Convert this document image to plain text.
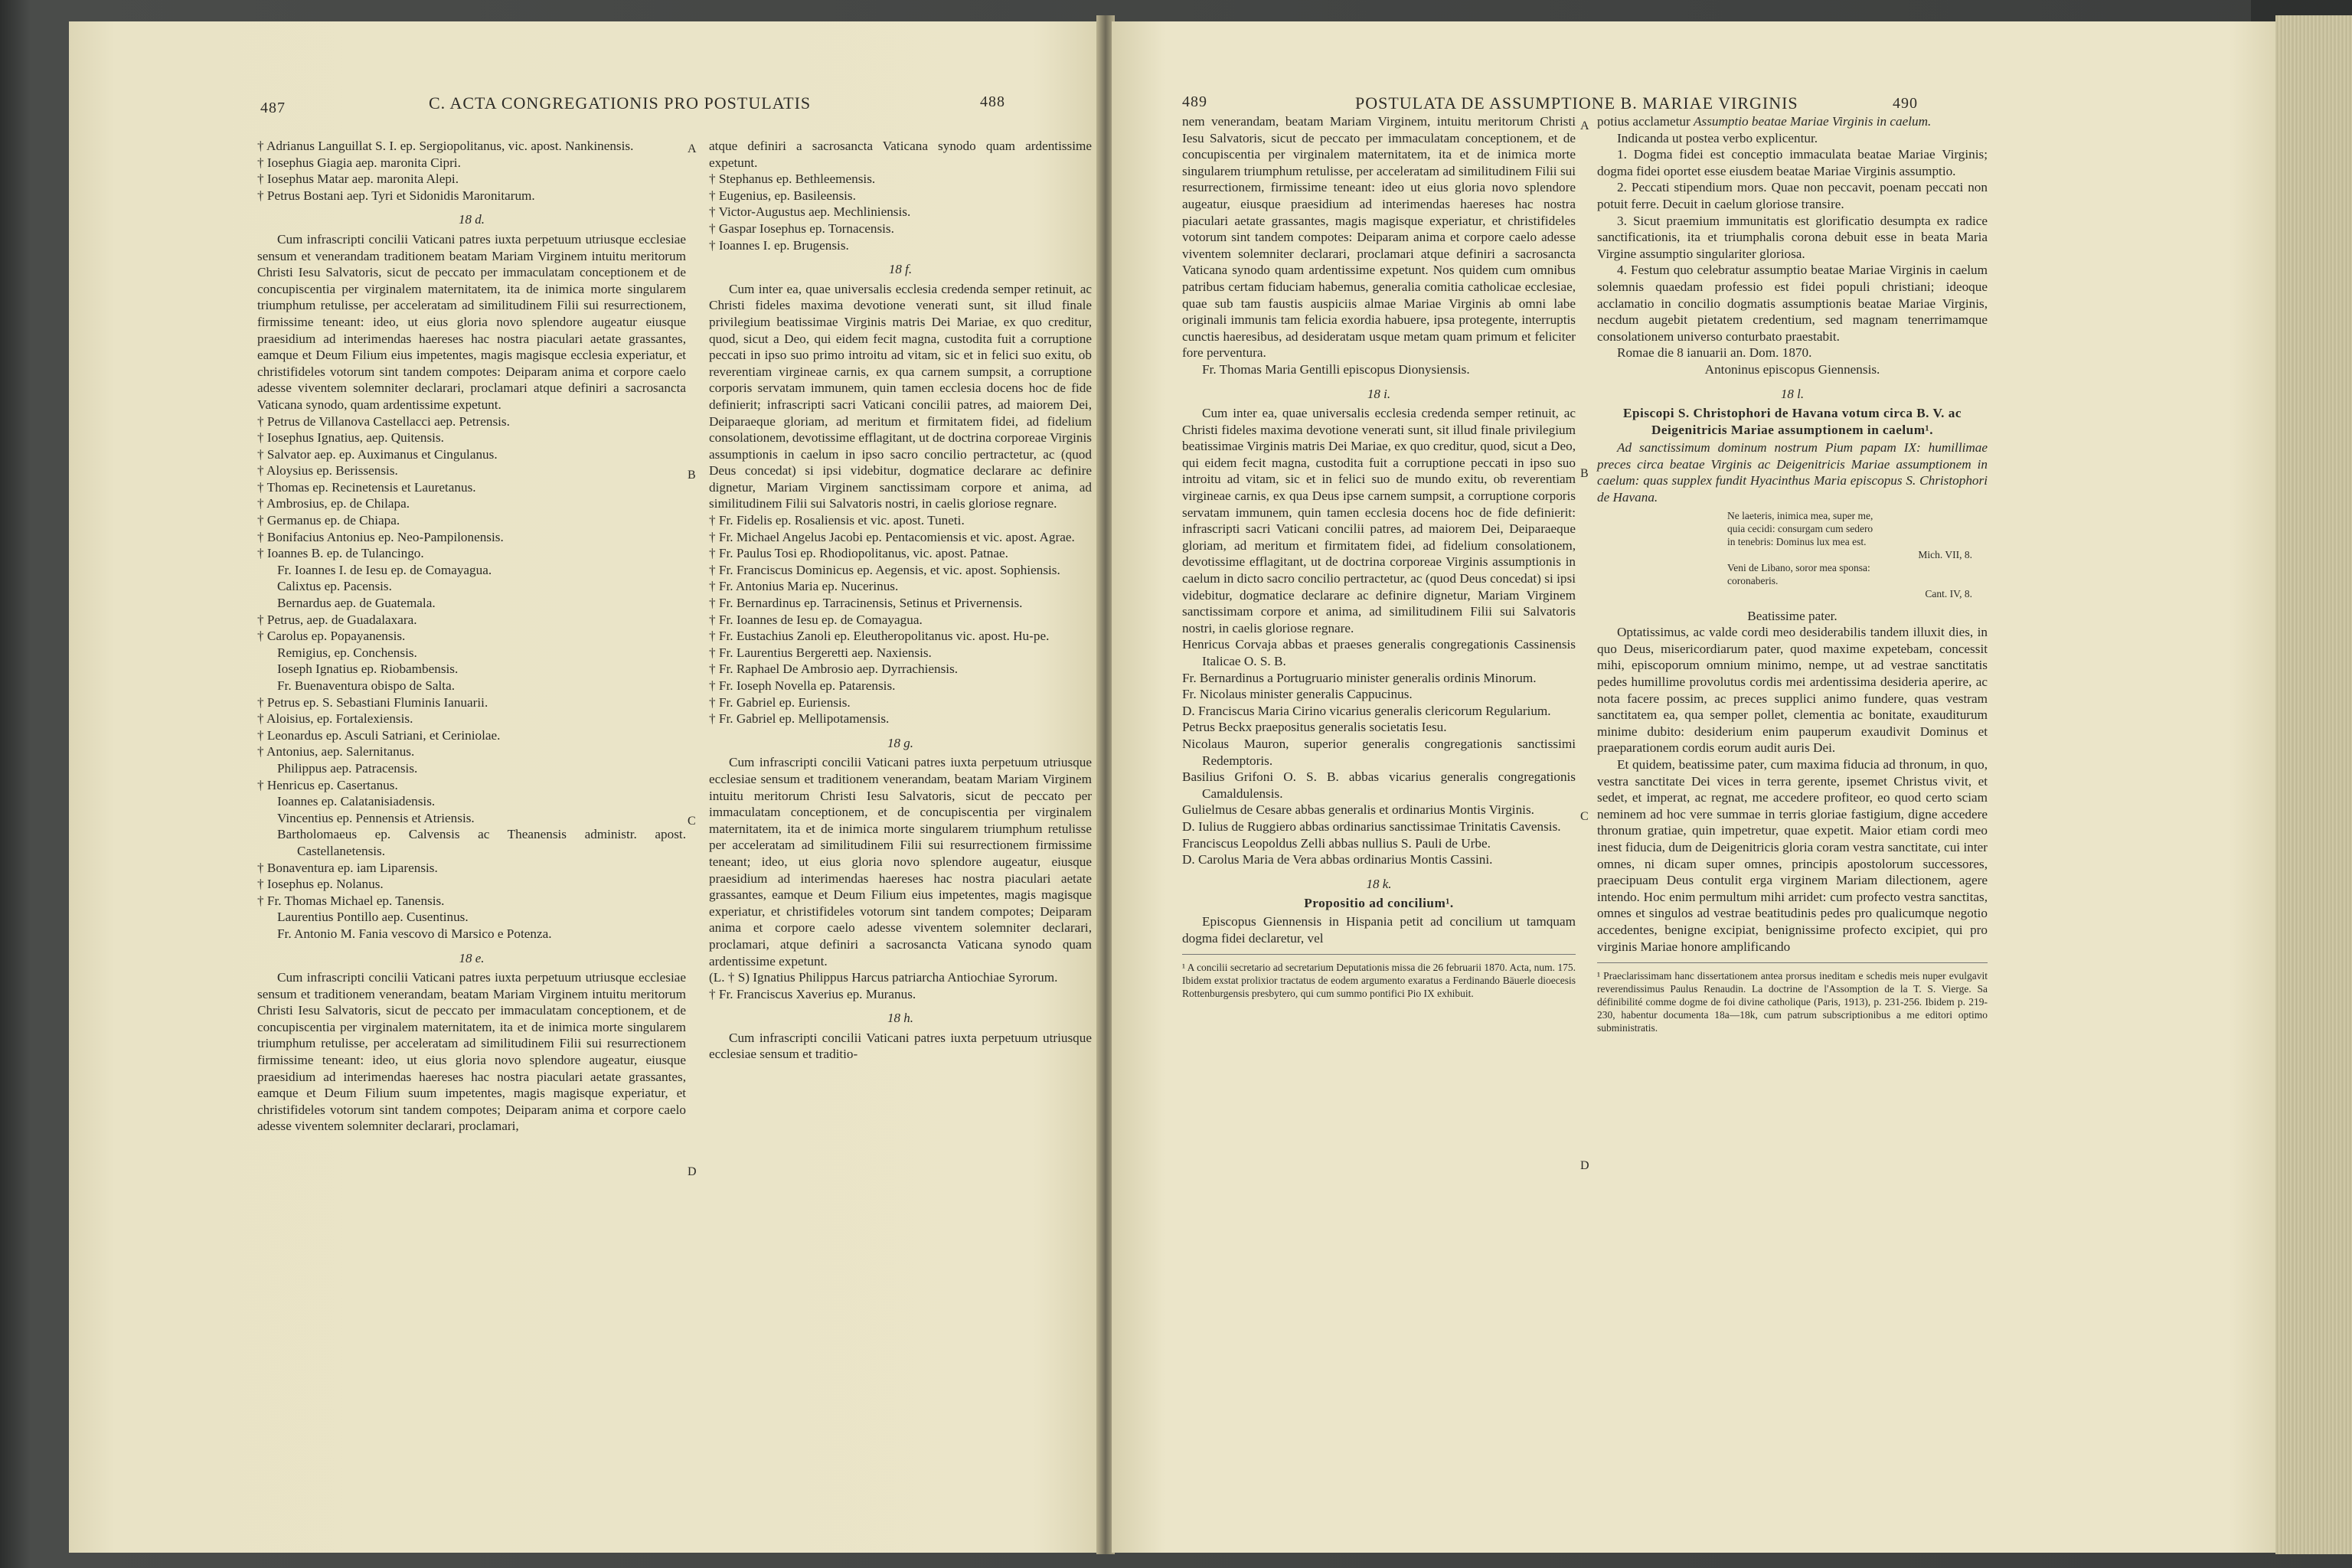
487	C. ACTA CONGREGATIONIS PRO POSTULATIS	488
† Adrianus Languillat S. I. ep. Sergiopolitanus, vic. apost. Nankinensis.
† Iosephus Giagia aep. maronita Cipri.
† Iosephus Matar aep. maronita Alepi.
† Petrus Bostani aep. Tyri et Sidonidis Maronitarum.
18 d.

Cum infrascripti concilii Vaticani patres iuxta perpetuum utriusque ecclesiae sensum et venerandam traditionem beatam Mariam Virginem intuitu meritorum Christi Iesu Salvatoris, sicut de peccato per immaculatam conceptionem et de concupiscentia per virginalem maternitatem, ita de inimica morte singularem triumphum retulisse, per acceleratam ad similitudinem Filii sui resurrectionem, firmissime teneant: ideo, ut eius gloria novo splendore augeatur eiusque praesidium ad interimendas haereses hac nostra piaculari aetate grassantes, eamque et Deum Filium eius impetentes, magis magisque ecclesia experiatur, et christifideles votorum sint tandem compotes: Deiparam anima et corpore caelo adesse viventem solemniter declarari, proclamari atque definiri a sacrosancta Vaticana synodo, quam ardentissime expetunt.

† Petrus de Villanova Castellacci aep. Petrensis.
† Iosephus Ignatius, aep. Quitensis.
† Salvator aep. ep. Auximanus et Cingulanus.
† Aloysius ep. Berissensis.
† Thomas ep. Recinetensis et Lauretanus.
† Ambrosius, ep. de Chilapa.
† Germanus ep. de Chiapa.
† Bonifacius Antonius ep. Neo-Pampilonensis.
† Ioannes B. ep. de Tulancingo.
Fr. Ioannes I. de Iesu ep. de Comayagua.
Calixtus ep. Pacensis.
Bernardus aep. de Guatemala.
† Petrus, aep. de Guadalaxara.
† Carolus ep. Popayanensis.
Remigius, ep. Conchensis.
Ioseph Ignatius ep. Riobambensis.
Fr. Buenaventura obispo de Salta.
† Petrus ep. S. Sebastiani Fluminis Ianuarii.
† Aloisius, ep. Fortalexiensis.
† Leonardus ep. Asculi Satriani, et Ceriniolae.
† Antonius, aep. Salernitanus.
Philippus aep. Patracensis.
† Henricus ep. Casertanus.
Ioannes ep. Calatanisiadensis.
Vincentius ep. Pennensis et Atriensis.
Bartholomaeus ep. Calvensis ac Theanensis administr. apost. Castellanetensis.
† Bonaventura ep. iam Liparensis.
† Iosephus ep. Nolanus.
† Fr. Thomas Michael ep. Tanensis.
Laurentius Pontillo aep. Cusentinus.
Fr. Antonio M. Fania vescovo di Marsico e Potenza.
18 e.

Cum infrascripti concilii Vaticani patres iuxta perpetuum utriusque ecclesiae sensum et traditionem venerandam, beatam Mariam Virginem intuitu meritorum Christi Iesu Salvatoris, sicut de peccato per immaculatam conceptionem, et de concupiscentia per virginalem maternitatem, ita et de inimica morte singularem triumphum retulisse, per acceleratam ad similitudinem Filii sui resurrectionem firmissime teneant: ideo, ut eius gloria novo splendore augeatur, eiusque praesidium ad interimendas haereses hac nostra piaculari aetate grassantes, eamque et Deum Filium suum impetentes, magis magisque experiatur, et christifideles votorum sint tandem compotes; Deiparam anima et corpore caelo adesse viventem solemniter declarari, proclamari,

atque definiri a sacrosancta Vaticana synodo quam ardentissime expetunt.

† Stephanus ep. Bethleemensis.
† Eugenius, ep. Basileensis.
† Victor-Augustus aep. Mechliniensis.
† Gaspar Iosephus ep. Tornacensis.
† Ioannes I. ep. Brugensis.
18 f.

Cum inter ea, quae universalis ecclesia credenda semper retinuit, ac Christi fideles maxima devotione venerati sunt, sit illud finale privilegium beatissimae Virginis matris Dei Mariae, ex quo creditur, quod, sicut a Deo, qui eidem fecit magna, custodita fuit a corruptione peccati in ipso suo primo introitu ad vitam, sic et in felici suo exitu, ob reverentiam virgineae carnis, ex qua carnem sumpsit, a corruptione corporis servatam immunem, quin tamen ecclesia docens hoc de fide definierit; infrascripti sacri Vaticani concilii patres, ad maiorem Dei, Deiparaeque gloriam, ad meritum et firmitatem fidei, ad fidelium consolationem, devotissime efflagitant, ut de doctrina corporeae Virginis assumptionis in caelum in ipso sacro concilio pertractetur, ac (quod Deus concedat) si ipsi videbitur, dogmatice declarare ac definire dignetur, Mariam Virginem sanctissimam corpore et anima, ad similitudinem Filii sui Salvatoris nostri, in caelis gloriose regnare.

† Fr. Fidelis ep. Rosaliensis et vic. apost. Tuneti.
† Fr. Michael Angelus Jacobi ep. Pentacomiensis et vic. apost. Agrae.
† Fr. Paulus Tosi ep. Rhodiopolitanus, vic. apost. Patnae.
† Fr. Franciscus Dominicus ep. Aegensis, et vic. apost. Sophiensis.
† Fr. Antonius Maria ep. Nucerinus.
† Fr. Bernardinus ep. Tarracinensis, Setinus et Privernensis.
† Fr. Ioannes de Iesu ep. de Comayagua.
† Fr. Eustachius Zanoli ep. Eleutheropolitanus vic. apost. Hu-pe.
† Fr. Laurentius Bergeretti aep. Naxiensis.
† Fr. Raphael De Ambrosio aep. Dyrrachiensis.
† Fr. Ioseph Novella ep. Patarensis.
† Fr. Gabriel ep. Euriensis.
† Fr. Gabriel ep. Mellipotamensis.
18 g.

Cum infrascripti concilii Vaticani patres iuxta perpetuum utriusque ecclesiae sensum et traditionem venerandam, beatam Mariam Virginem intuitu meritorum Christi Iesu Salvatoris, sicut de peccato per immaculatam conceptionem, et de concupiscentia per virginalem maternitatem, ita et de inimica morte singularem triumphum retulisse per acceleratam ad similitudinem Filii sui resurrectionem firmissime teneant; ideo, ut eius gloria novo splendore augeatur, eiusque praesidium ad interimendas haereses hac nostra piaculari aetate grassantes, eamque et Deum Filium eius impetentes, magis magisque experiatur, et christifideles votorum sint tandem compotes; Deiparam anima et corpore caelo adesse viventem solemniter declarari, proclamari, atque definiri a sacrosancta Vaticana synodo quam ardentissime expetunt.

(L. † S) Ignatius Philippus Harcus patriarcha Antiochiae Syrorum.
† Fr. Franciscus Xaverius ep. Muranus.
18 h.

Cum infrascripti concilii Vaticani patres iuxta perpetuum utriusque ecclesiae sensum et traditio-

A
B
C
D
489	POSTULATA DE ASSUMPTIONE B. MARIAE VIRGINIS	490

nem venerandam, beatam Mariam Virginem, intuitu meritorum Christi Iesu Salvatoris, sicut de peccato per immaculatam conceptionem, et de concupiscentia per virginalem maternitatem, ita et de inimica morte singularem triumphum retulisse, per acceleratam ad similitudinem Filii sui resurrectionem, firmissime teneant: ideo ut eius gloria novo splendore augeatur, eiusque praesidium ad interimendas haereses hac nostra piaculari aetate grassantes, magis magisque experiatur, et christifideles votorum sint tandem compotes: Deiparam anima et corpore caelo adesse viventem solemniter declarari, proclamari atque definiri a sacrosancta Vaticana synodo quam ardentissime expetunt. Nos quidem cum omnibus patribus certam fiduciam habemus, generalia comitia catholicae ecclesiae, quae sub tam faustis auspiciis almae Mariae Virginis ab omni labe originali immunis tam felicia exordia habuere, ipsa protegente, interruptis cunctis haeresibus, ad desideratam usque metam quam primum et feliciter fore perventura.

Fr. Thomas Maria Gentilli episcopus Dionysiensis.

18 i.

Cum inter ea, quae universalis ecclesia credenda semper retinuit, ac Christi fideles maxima devotione venerati sunt, sit illud finale privilegium beatissimae Virginis matris Dei Mariae, ex quo creditur, quod, sicut a Deo, qui eidem fecit magna, custodita fuit a corruptione peccati in ipso suo introitu ad vitam, sic et in felici suo de mundo exitu, ob reverentiam virgineae carnis, ex qua Deus ipse carnem sumpsit, a corruptione corporis servatam immunem, quin tamen ecclesia docens hoc de fide definierit: infrascripti sacri Vaticani concilii patres, ad maiorem Dei, Deiparaeque gloriam, ad meritum et firmitatem fidei, ad fidelium consolationem, devotissime efflagitant, ut de doctrina corporeae Virginis assumptionis in caelum in dicto sacro concilio pertractetur, ac (quod Deus concedat) si ipsi videbitur, dogmatice declarare ac definire dignetur, Mariam Virginem sanctissimam corpore et anima, ad similitudinem Filii sui Salvatoris nostri, in caelis gloriose regnare.

Henricus Corvaja abbas et praeses generalis congregationis Cassinensis Italicae O. S. B.
Fr. Bernardinus a Portugruario minister generalis ordinis Minorum.
Fr. Nicolaus minister generalis Cappucinus.
D. Franciscus Maria Cirino vicarius generalis clericorum Regularium.
Petrus Beckx praepositus generalis societatis Iesu.
Nicolaus Mauron, superior generalis congregationis sanctissimi Redemptoris.
Basilius Grifoni O. S. B. abbas vicarius generalis congregationis Camaldulensis.
Gulielmus de Cesare abbas generalis et ordinarius Montis Virginis.
D. Iulius de Ruggiero abbas ordinarius sanctissimae Trinitatis Cavensis.
Franciscus Leopoldus Zelli abbas nullius S. Pauli de Urbe.
D. Carolus Maria de Vera abbas ordinarius Montis Cassini.
18 k.
Propositio ad concilium¹.

Episcopus Giennensis in Hispania petit ad concilium ut tamquam dogma fidei declaretur, vel

¹ A concilii secretario ad secretarium Deputationis missa die 26 februarii 1870. Acta, num. 175. Ibidem exstat prolixior tractatus de eodem argumento exaratus a Ferdinando Bäuerle dioecesis Rottenburgensis presbytero, qui cum summo pontifici Pio IX exhibuit.

potius acclametur Assumptio beatae Mariae Virginis in caelum.

Indicanda ut postea verbo explicentur.

1. Dogma fidei est conceptio immaculata beatae Mariae Virginis; dogma fidei oportet esse eiusdem beatae Mariae Virginis assumptio.

2. Peccati stipendium mors. Quae non peccavit, poenam peccati non potuit ferre. Decuit in caelum gloriose transire.

3. Sicut praemium immunitatis est glorificatio desumpta ex radice sanctificationis, ita et triumphalis corona debuit esse in beata Maria Virgine assumptio singulariter gloriosa.

4. Festum quo celebratur assumptio beatae Mariae Virginis in caelum solemnis quaedam professio est fidei populi christiani; ideoque acclamatio in concilio dogmatis assumptionis beatae Mariae Virginis, necdum augebit pietatem credentium, sed magnam tenerrimamque consolationem universo conturbato praestabit.

Romae die 8 ianuarii an. Dom. 1870.

Antoninus episcopus Giennensis.
18 l.
Episcopi S. Christophori de Havana votum circa B. V. ac Deigenitricis Mariae assumptionem in caelum¹.

Ad sanctissimum dominum nostrum Pium papam IX: humillimae preces circa beatae Virginis ac Deigenitricis Mariae assumptionem in caelum: quas supplex fundit Hyacinthus Maria episcopus S. Christophori de Havana.

Ne laeteris, inimica mea, super me,
quia cecidi: consurgam cum sedero
in tenebris: Dominus lux mea est.
Mich. VII, 8.
Veni de Libano, soror mea sponsa:
coronaberis.
Cant. IV, 8.
Beatissime pater.

Optatissimus, ac valde cordi meo desiderabilis tandem illuxit dies, in quo Deus, misericordiarum pater, quod maxime expetebam, concessit mihi, episcoporum omnium minimo, nempe, ut ad vestrae sanctitatis pedes humillime provolutus cordis mei ardentissima desideria aperire, ac nota facere possim, ac preces supplici animo fundere, quas vestram sanctitatem ea, qua semper pollet, clementia ac bonitate, exauditurum minime dubito: desiderium enim pauperum exaudivit Dominus et praeparationem cordis eorum audit auris Dei.

Et quidem, beatissime pater, cum maxima fiducia ad thronum, in quo, vestra sanctitate Dei vices in terra gerente, ipsemet Christus vivit, et sedet, et imperat, ac regnat, me accedere profiteor, eo quod certo sciam neminem ad hoc vere summae in terris gloriae fastigium, digne accedere thronum gratiae, quin impetretur, quae expetit. Maior etiam cordi meo inest fiducia, dum de Deigenitricis gloria coram vestra sanctitate, cui inter omnes, ni dicam super omnes, principis apostolorum successores, praecipuam Deus contulit erga virginem Mariam dilectionem, agere intendo. Hoc enim permultum mihi arridet: cum profecto vestra sanctitas, omnes et singulos ad vestrae beatitudinis pedes pro qualicumque negotio accedentes, benigne excipiat, benignissime profecto excipiet, qui pro virginis Mariae honore amplificando

¹ Praeclarissimam hanc dissertationem antea prorsus ineditam e schedis meis nuper evulgavit reverendissimus Paulus Renaudin. La doctrine de l'Assomption de la T. S. Vierge. Sa définibilité comme dogme de foi divine catholique (Paris, 1913), p. 231-256. Ibidem p. 219-230, habentur documenta 18a—18k, cum patrum subscriptionibus a me editori optimo subministratis.
A
B
C
D
